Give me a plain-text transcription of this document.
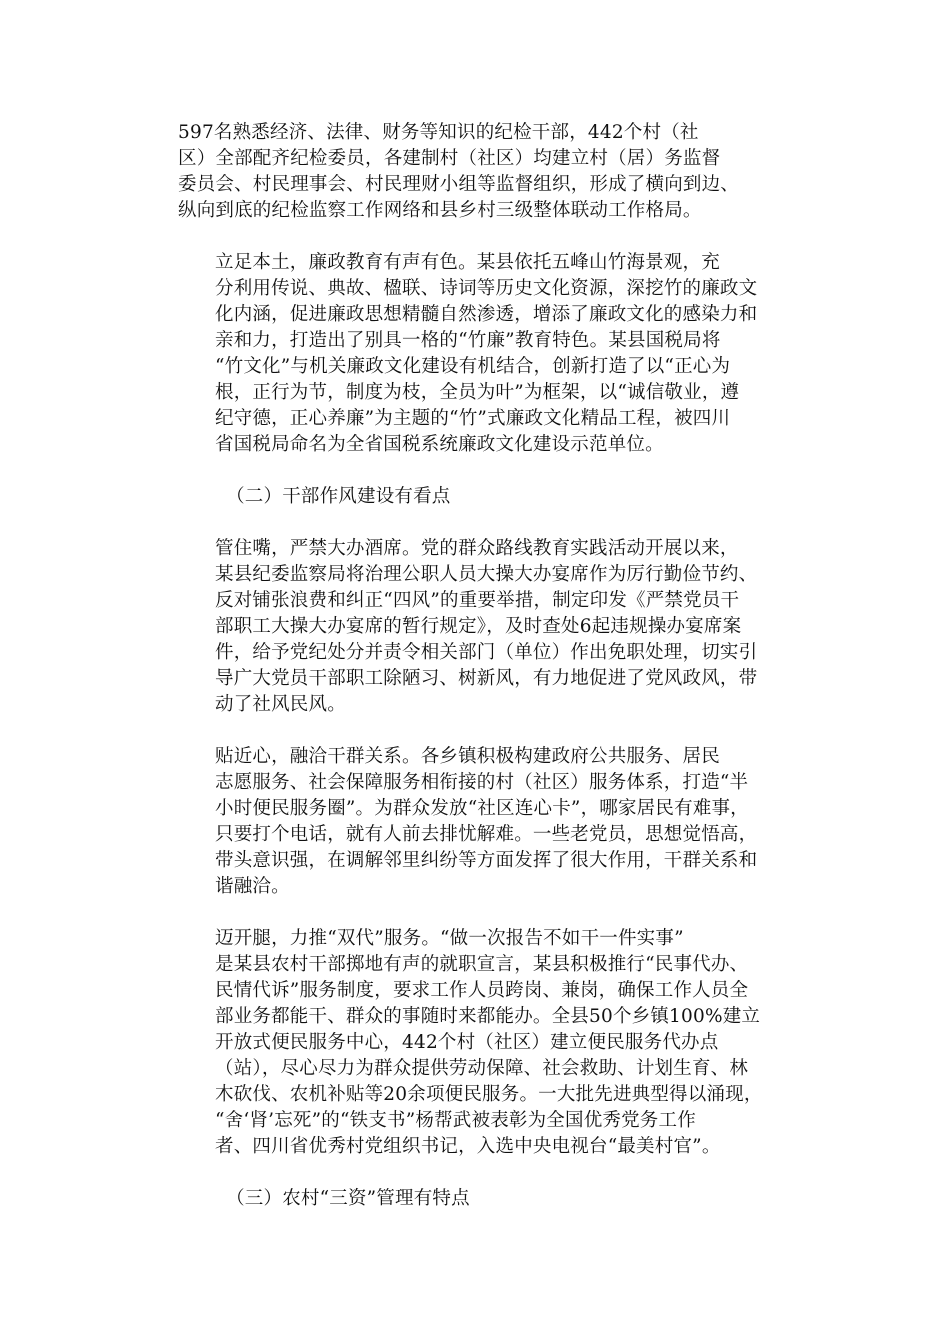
597名熟悉经济、法律、财务等知识的纪检干部，442个村（社
区）全部配齐纪检委员，各建制村（社区）均建立村（居）务监督
委员会、村民理事会、村民理财小组等监督组织，形成了横向到边、
纵向到底的纪检监察工作网络和县乡村三级整体联动工作格局。
立足本土，廉政教育有声有色。某县依托五峰山竹海景观，充
分利用传说、典故、楹联、诗词等历史文化资源，深挖竹的廉政文
化内涵，促进廉政思想精髓自然渗透，增添了廉政文化的感染力和
亲和力，打造出了别具一格的“竹廉”教育特色。某县国税局将
“竹文化”与机关廉政文化建设有机结合，创新打造了以“正心为
根，正行为节，制度为枝，全员为叶”为框架，以“诚信敬业，遵
纪守德，正心养廉”为主题的“竹”式廉政文化精品工程，被四川
省国税局命名为全省国税系统廉政文化建设示范单位。
（二）干部作风建设有看点
管住嘴，严禁大办酒席。党的群众路线教育实践活动开展以来，
某县纪委监察局将治理公职人员大操大办宴席作为厉行勤俭节约、
反对铺张浪费和纠正“四风”的重要举措，制定印发《严禁党员干
部职工大操大办宴席的暂行规定》，及时查处6起违规操办宴席案
件，给予党纪处分并责令相关部门（单位）作出免职处理，切实引
导广大党员干部职工除陋习、树新风，有力地促进了党风政风，带
动了社风民风。
贴近心，融洽干群关系。各乡镇积极构建政府公共服务、居民
志愿服务、社会保障服务相衔接的村（社区）服务体系，打造“半
小时便民服务圈”。为群众发放“社区连心卡”，哪家居民有难事，
只要打个电话，就有人前去排忧解难。一些老党员，思想觉悟高，
带头意识强，在调解邻里纠纷等方面发挥了很大作用，干群关系和
谐融洽。
迈开腿，力推“双代”服务。“做一次报告不如干一件实事”
是某县农村干部掷地有声的就职宣言，某县积极推行“民事代办、
民情代诉”服务制度，要求工作人员跨岗、兼岗，确保工作人员全
部业务都能干、群众的事随时来都能办。全县50个乡镇100%建立
开放式便民服务中心，442个村（社区）建立便民服务代办点
（站），尽心尽力为群众提供劳动保障、社会救助、计划生育、林
木砍伐、农机补贴等20余项便民服务。一大批先进典型得以涌现，
“舍‘肾’忘死”的“铁支书”杨帮武被表彰为全国优秀党务工作
者、四川省优秀村党组织书记，入选中央电视台“最美村官”。
（三）农村“三资”管理有特点
